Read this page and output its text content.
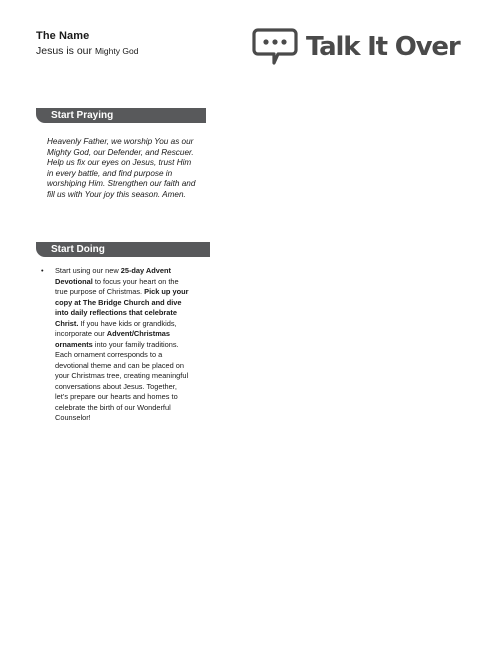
The Name
Jesus is our Mighty God	Talk It Over
Start Praying
Heavenly Father, we worship You as our Mighty God, our Defender, and Rescuer. Help us fix our eyes on Jesus, trust Him in every battle, and find purpose in worshiping Him. Strengthen our faith and fill us with Your joy this season. Amen.
Start Doing
• Start using our new 25-day Advent Devotional to focus your heart on the true purpose of Christmas. Pick up your copy at The Bridge Church and dive into daily reflections that celebrate Christ. If you have kids or grandkids, incorporate our Advent/Christmas ornaments into your family traditions. Each ornament corresponds to a devotional theme and can be placed on your Christmas tree, creating meaningful conversations about Jesus. Together, let’s prepare our hearts and homes to celebrate the birth of our Wonderful Counselor!
